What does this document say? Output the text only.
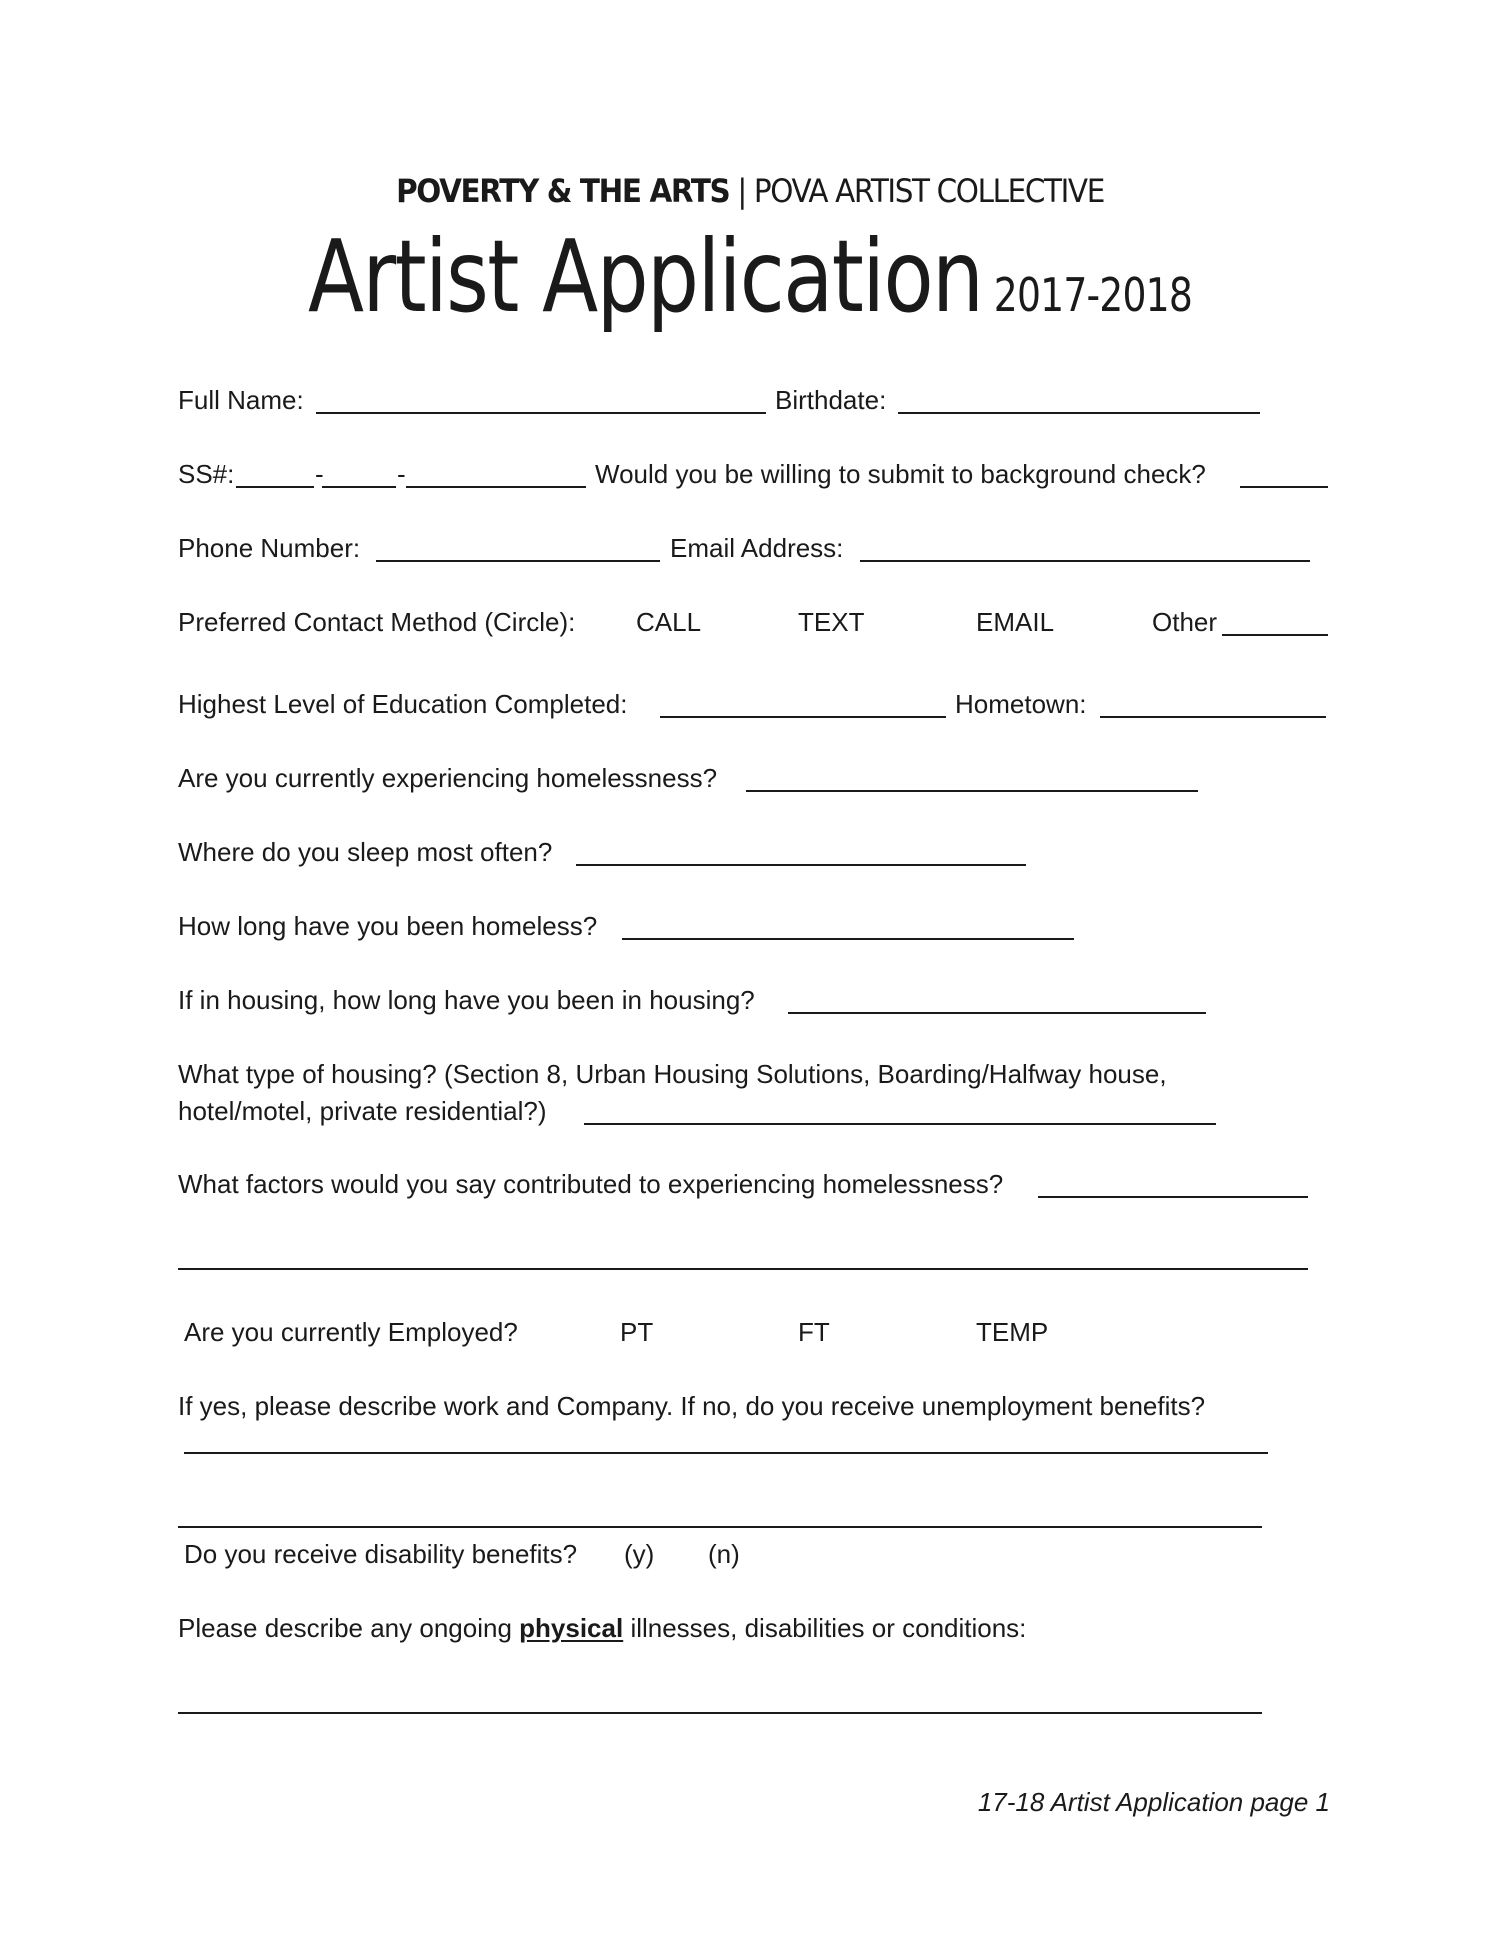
POVERTY & THE ARTS | POVA ARTIST COLLECTIVE
Artist Application 2017-2018
Full Name:	Birthdate:
SS#:	-	-	Would you be willing to submit to background check?
Phone Number:	Email Address:
Preferred Contact Method (Circle): CALL	TEXT	EMAIL	Other
Highest Level of Education Completed:	Hometown:
Are you currently experiencing homelessness?
Where do you sleep most often?
How long have you been homeless?
If in housing, how long have you been in housing?
What type of housing? (Section 8, Urban Housing Solutions, Boarding/Halfway house,
hotel/motel, private residential?)
What factors would you say contributed to experiencing homelessness?
Are you currently Employed?	PT	FT	TEMP
If yes, please describe work and Company. If no, do you receive unemployment benefits?
Do you receive disability benefits? (y) (n)
Please describe any ongoing physical illnesses, disabilities or conditions:
17-18 Artist Application page 1
